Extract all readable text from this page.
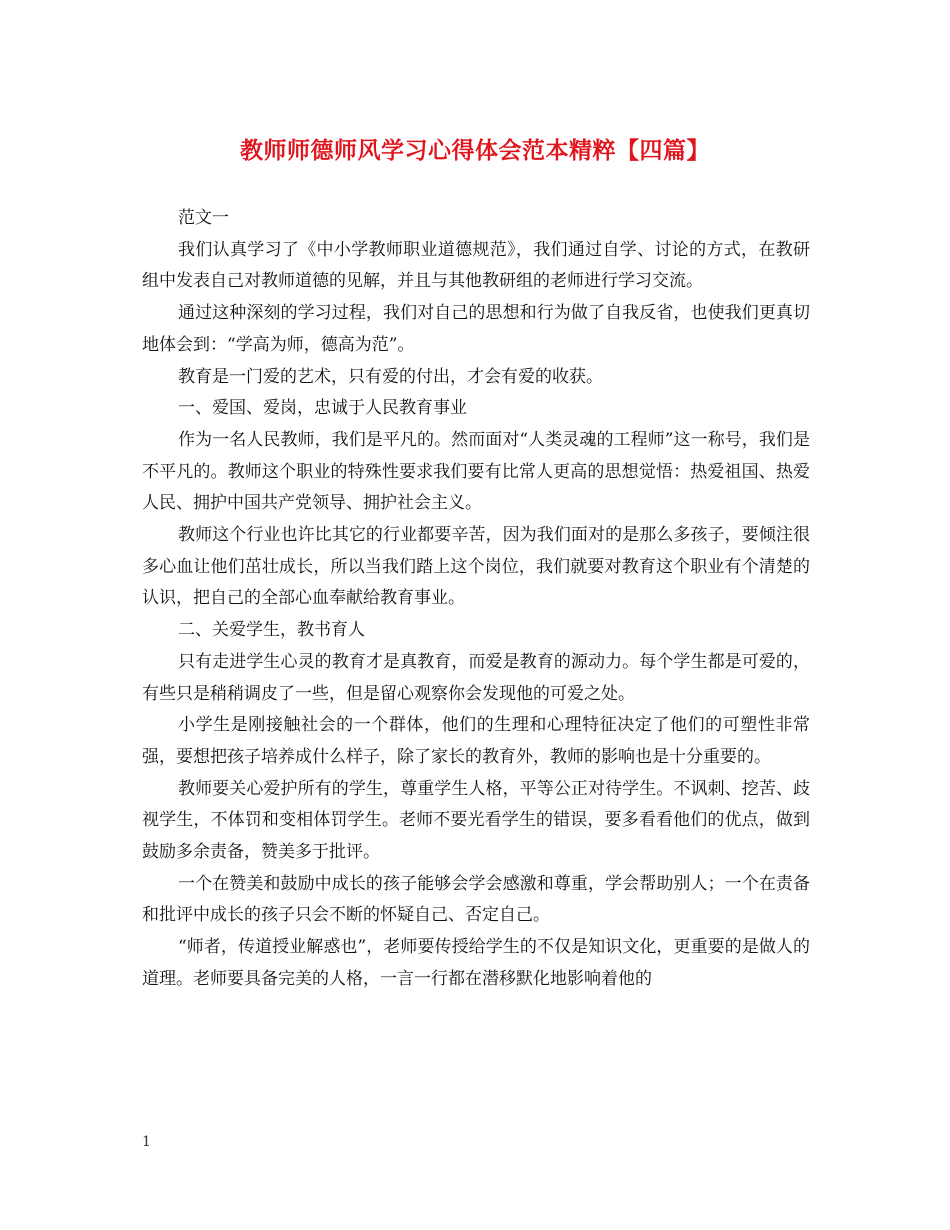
教师师德师风学习心得体会范本精粹【四篇】

范文一

我们认真学习了《中小学教师职业道德规范》，我们通过自学、讨论的方式，在教研组中发表自己对教师道德的见解，并且与其他教研组的老师进行学习交流。

通过这种深刻的学习过程，我们对自己的思想和行为做了自我反省，也使我们更真切地体会到：“学高为师，德高为范”。

教育是一门爱的艺术，只有爱的付出，才会有爱的收获。

一、爱国、爱岗，忠诚于人民教育事业

作为一名人民教师，我们是平凡的。然而面对“人类灵魂的工程师”这一称号，我们是不平凡的。教师这个职业的特殊性要求我们要有比常人更高的思想觉悟：热爱祖国、热爱人民、拥护中国共产党领导、拥护社会主义。

教师这个行业也许比其它的行业都要辛苦，因为我们面对的是那么多孩子，要倾注很多心血让他们茁壮成长，所以当我们踏上这个岗位，我们就要对教育这个职业有个清楚的认识，把自己的全部心血奉献给教育事业。

二、关爱学生，教书育人

只有走进学生心灵的教育才是真教育，而爱是教育的源动力。每个学生都是可爱的，有些只是稍稍调皮了一些，但是留心观察你会发现他的可爱之处。

小学生是刚接触社会的一个群体，他们的生理和心理特征决定了他们的可塑性非常强，要想把孩子培养成什么样子，除了家长的教育外，教师的影响也是十分重要的。

教师要关心爱护所有的学生，尊重学生人格，平等公正对待学生。不讽刺、挖苦、歧视学生，不体罚和变相体罚学生。老师不要光看学生的错误，要多看看他们的优点，做到鼓励多余责备，赞美多于批评。

一个在赞美和鼓励中成长的孩子能够会学会感激和尊重，学会帮助别人；一个在责备和批评中成长的孩子只会不断的怀疑自己、否定自己。

“师者，传道授业解惑也”，老师要传授给学生的不仅是知识文化，更重要的是做人的道理。老师要具备完美的人格，一言一行都在潜移默化地影响着他的

1
